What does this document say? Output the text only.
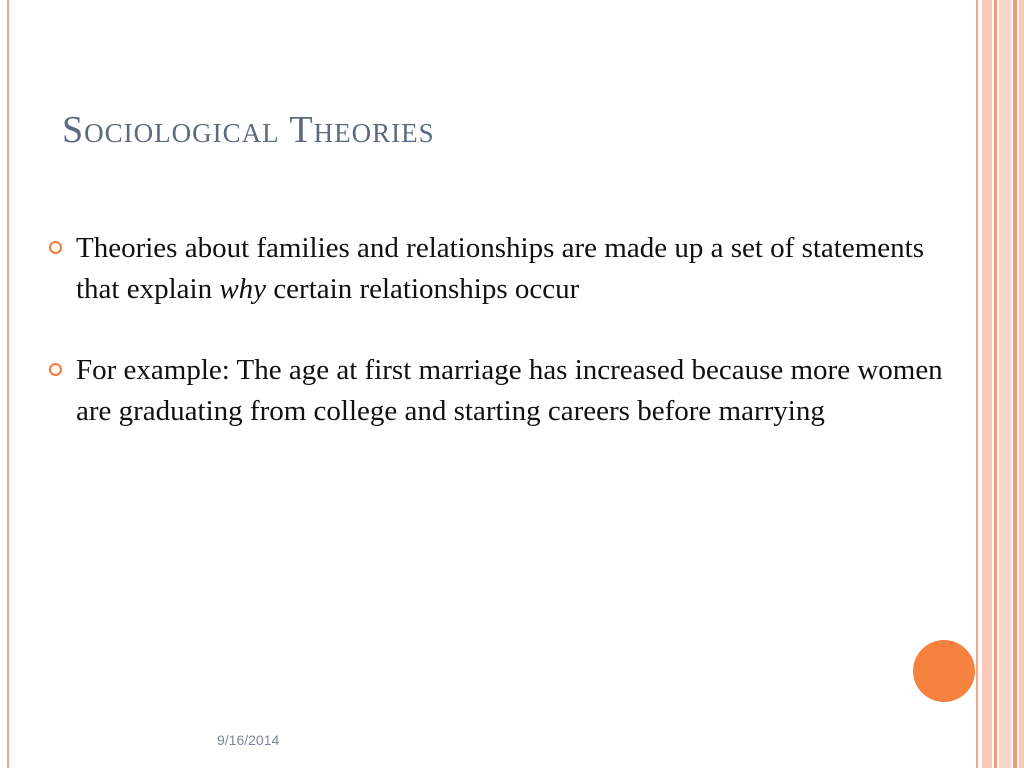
Sociological Theories
Theories about families and relationships are made up a set of statements that explain why certain relationships occur
For example: The age at first marriage has increased because more women are graduating from college and starting careers before marrying
9/16/2014
